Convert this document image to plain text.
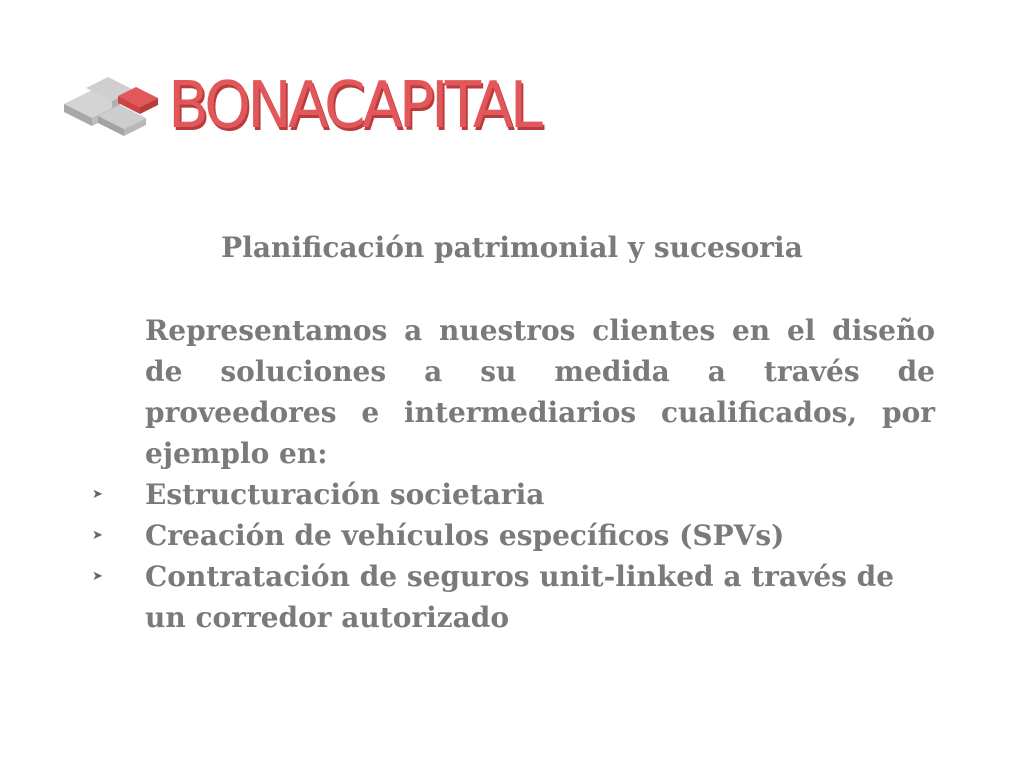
BONACAPITAL
Planificación patrimonial y sucesoria
Representamos a nuestros clientes en el diseño de soluciones a su medida a través de proveedores e intermediarios cualificados, por ejemplo en:
➤ Estructuración societaria
➤ Creación de vehículos específicos (SPVs)
➤ Contratación de seguros unit-linked a través de un corredor autorizado
